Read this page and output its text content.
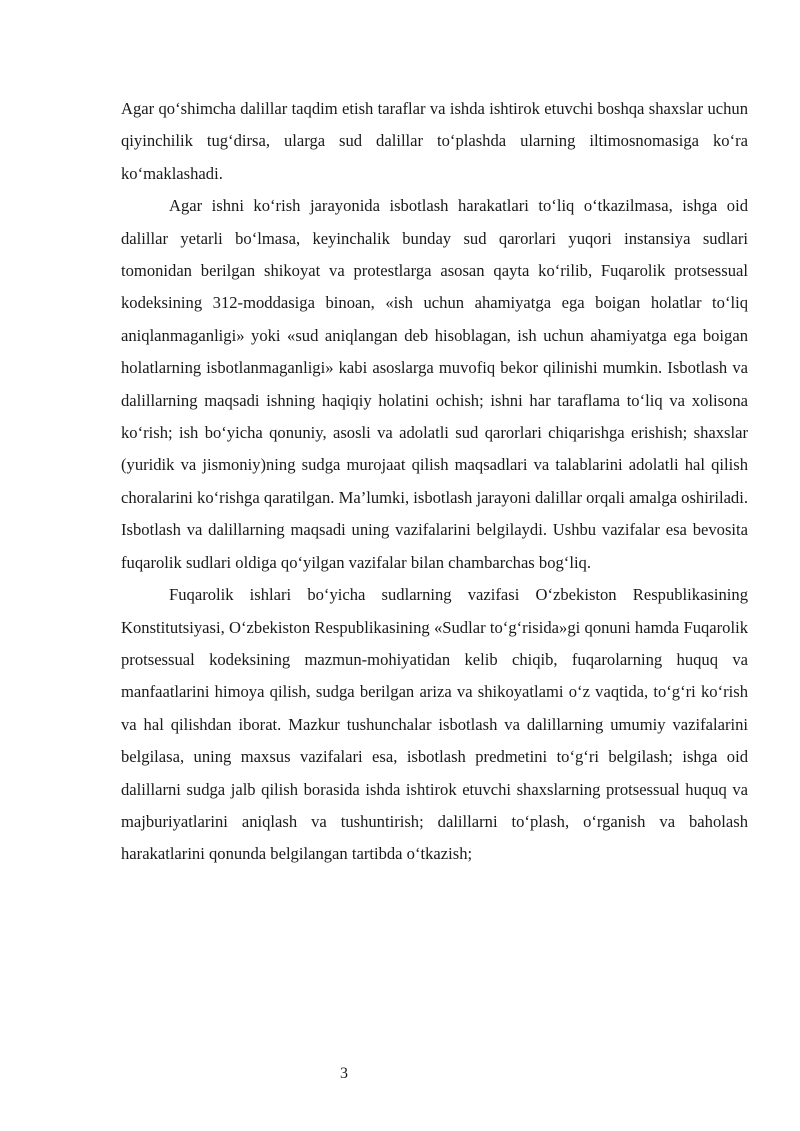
Agar qo‘shimcha dalillar taqdim etish taraflar va ishda ishtirok etuvchi boshqa shaxslar uchun qiyinchilik tug‘dirsa, ularga sud dalillar to‘plashda ularning iltimosnomasiga ko‘ra ko‘maklashadi.

Agar ishni ko‘rish jarayonida isbotlash harakatlari to‘liq o‘tkazilmasa, ishga oid dalillar yetarli bo‘lmasa, keyinchalik bunday sud qarorlari yuqori instansiya sudlari tomonidan berilgan shikoyat va protestlarga asosan qayta ko‘rilib, Fuqarolik protsessual kodeksining 312-moddasiga binoan, «ish uchun ahamiyatga ega boigan holatlar to‘liq aniqlanmaganligi» yoki «sud aniqlangan deb hisoblagan, ish uchun ahamiyatga ega boigan holatlarning isbotlanmaganligi» kabi asoslarga muvofiq bekor qilinishi mumkin. Isbotlash va dalillarning maqsadi ishning haqiqiy holatini ochish; ishni har taraflama to‘liq va xolisona ko‘rish; ish bo‘yicha qonuniy, asosli va adolatli sud qarorlari chiqarishga erishish; shaxslar (yuridik va jismoniy)ning sudga murojaat qilish maqsadlari va talablarini adolatli hal qilish choralarini ko‘rishga qaratilgan. Ma’lumki, isbotlash jarayoni dalillar orqali amalga oshiriladi. Isbotlash va dalillarning maqsadi uning vazifalarini belgilaydi. Ushbu vazifalar esa bevosita fuqarolik sudlari oldiga qo‘yilgan vazifalar bilan chambarchas bog‘liq.

Fuqarolik ishlari bo‘yicha sudlarning vazifasi O‘zbekiston Respublikasining Konstitutsiyasi, O‘zbekiston Respublikasining «Sudlar to‘g‘risida»gi qonuni hamda Fuqarolik protsessual kodeksining mazmun-mohiyatidan kelib chiqib, fuqarolarning huquq va manfaatlarini himoya qilish, sudga berilgan ariza va shikoyatlami o‘z vaqtida, to‘g‘ri ko‘rish va hal qilishdan iborat. Mazkur tushunchalar isbotlash va dalillarning umumiy vazifalarini belgilasa, uning maxsus vazifalari esa, isbotlash predmetini to‘g‘ri belgilash; ishga oid dalillarni sudga jalb qilish borasida ishda ishtirok etuvchi shaxslarning protsessual huquq va majburiyatlarini aniqlash va tushuntirish; dalillarni to‘plash, o‘rganish va baholash harakatlarini qonunda belgilangan tartibda o‘tkazish;

3
